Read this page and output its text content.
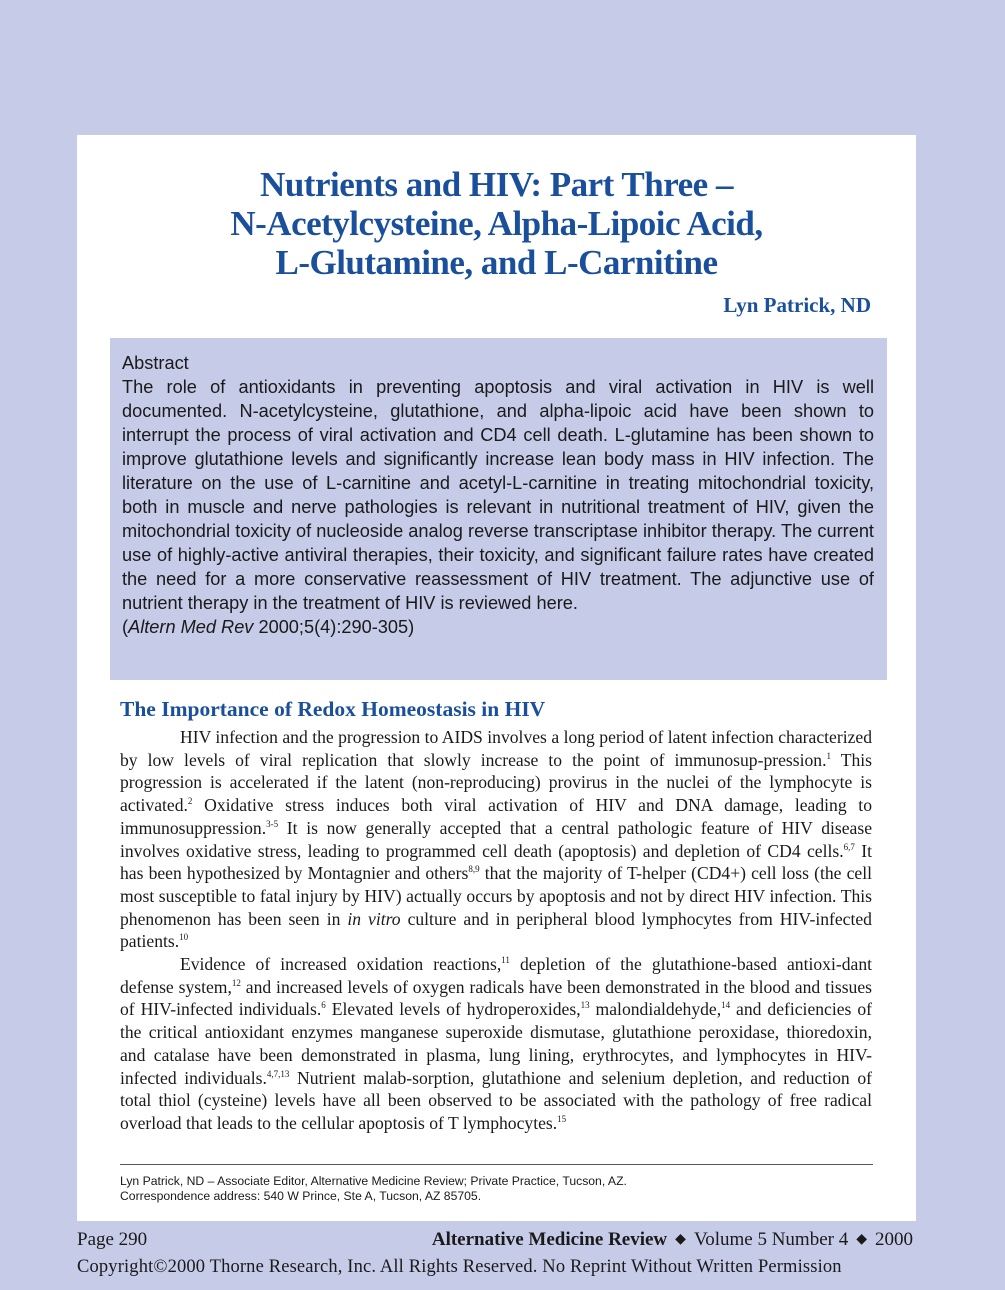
Nutrients and HIV: Part Three –
N-Acetylcysteine, Alpha-Lipoic Acid,
L-Glutamine, and L-Carnitine
Lyn Patrick, ND
Abstract
The role of antioxidants in preventing apoptosis and viral activation in HIV is well documented. N-acetylcysteine, glutathione, and alpha-lipoic acid have been shown to interrupt the process of viral activation and CD4 cell death. L-glutamine has been shown to improve glutathione levels and significantly increase lean body mass in HIV infection. The literature on the use of L-carnitine and acetyl-L-carnitine in treating mitochondrial toxicity, both in muscle and nerve pathologies is relevant in nutritional treatment of HIV, given the mitochondrial toxicity of nucleoside analog reverse transcriptase inhibitor therapy. The current use of highly-active antiviral therapies, their toxicity, and significant failure rates have created the need for a more conservative reassessment of HIV treatment. The adjunctive use of nutrient therapy in the treatment of HIV is reviewed here.
(Altern Med Rev 2000;5(4):290-305)
The Importance of Redox Homeostasis in HIV

HIV infection and the progression to AIDS involves a long period of latent infection characterized by low levels of viral replication that slowly increase to the point of immunosup-pression.$^1$ This progression is accelerated if the latent (non-reproducing) provirus in the nuclei of the lymphocyte is activated.$^2$ Oxidative stress induces both viral activation of HIV and DNA damage, leading to immunosuppression.$^{3-5}$ It is now generally accepted that a central pathologic feature of HIV disease involves oxidative stress, leading to programmed cell death (apoptosis) and depletion of CD4 cells.$^{6,7}$ It has been hypothesized by Montagnier and others$^{8,9}$ that the majority of T-helper (CD4+) cell loss (the cell most susceptible to fatal injury by HIV) actually occurs by apoptosis and not by direct HIV infection. This phenomenon has been seen in in vitro culture and in peripheral blood lymphocytes from HIV-infected patients.$^{10}$

Evidence of increased oxidation reactions,$^{11}$ depletion of the glutathione-based antioxi-dant defense system,$^{12}$ and increased levels of oxygen radicals have been demonstrated in the blood and tissues of HIV-infected individuals.$^6$ Elevated levels of hydroperoxides,$^{13}$ malondialdehyde,$^{14}$ and deficiencies of the critical antioxidant enzymes manganese superoxide dismutase, glutathione peroxidase, thioredoxin, and catalase have been demonstrated in plasma, lung lining, erythrocytes, and lymphocytes in HIV-infected individuals.$^{4,7,13}$ Nutrient malab-sorption, glutathione and selenium depletion, and reduction of total thiol (cysteine) levels have all been observed to be associated with the pathology of free radical overload that leads to the cellular apoptosis of T lymphocytes.$^{15}$

Lyn Patrick, ND – Associate Editor, Alternative Medicine Review; Private Practice, Tucson, AZ.
Correspondence address: 540 W Prince, Ste A, Tucson, AZ 85705.
Page 290	Alternative Medicine Review ◆ Volume 5 Number 4 ◆ 2000
Copyright©2000 Thorne Research, Inc. All Rights Reserved. No Reprint Without Written Permission
